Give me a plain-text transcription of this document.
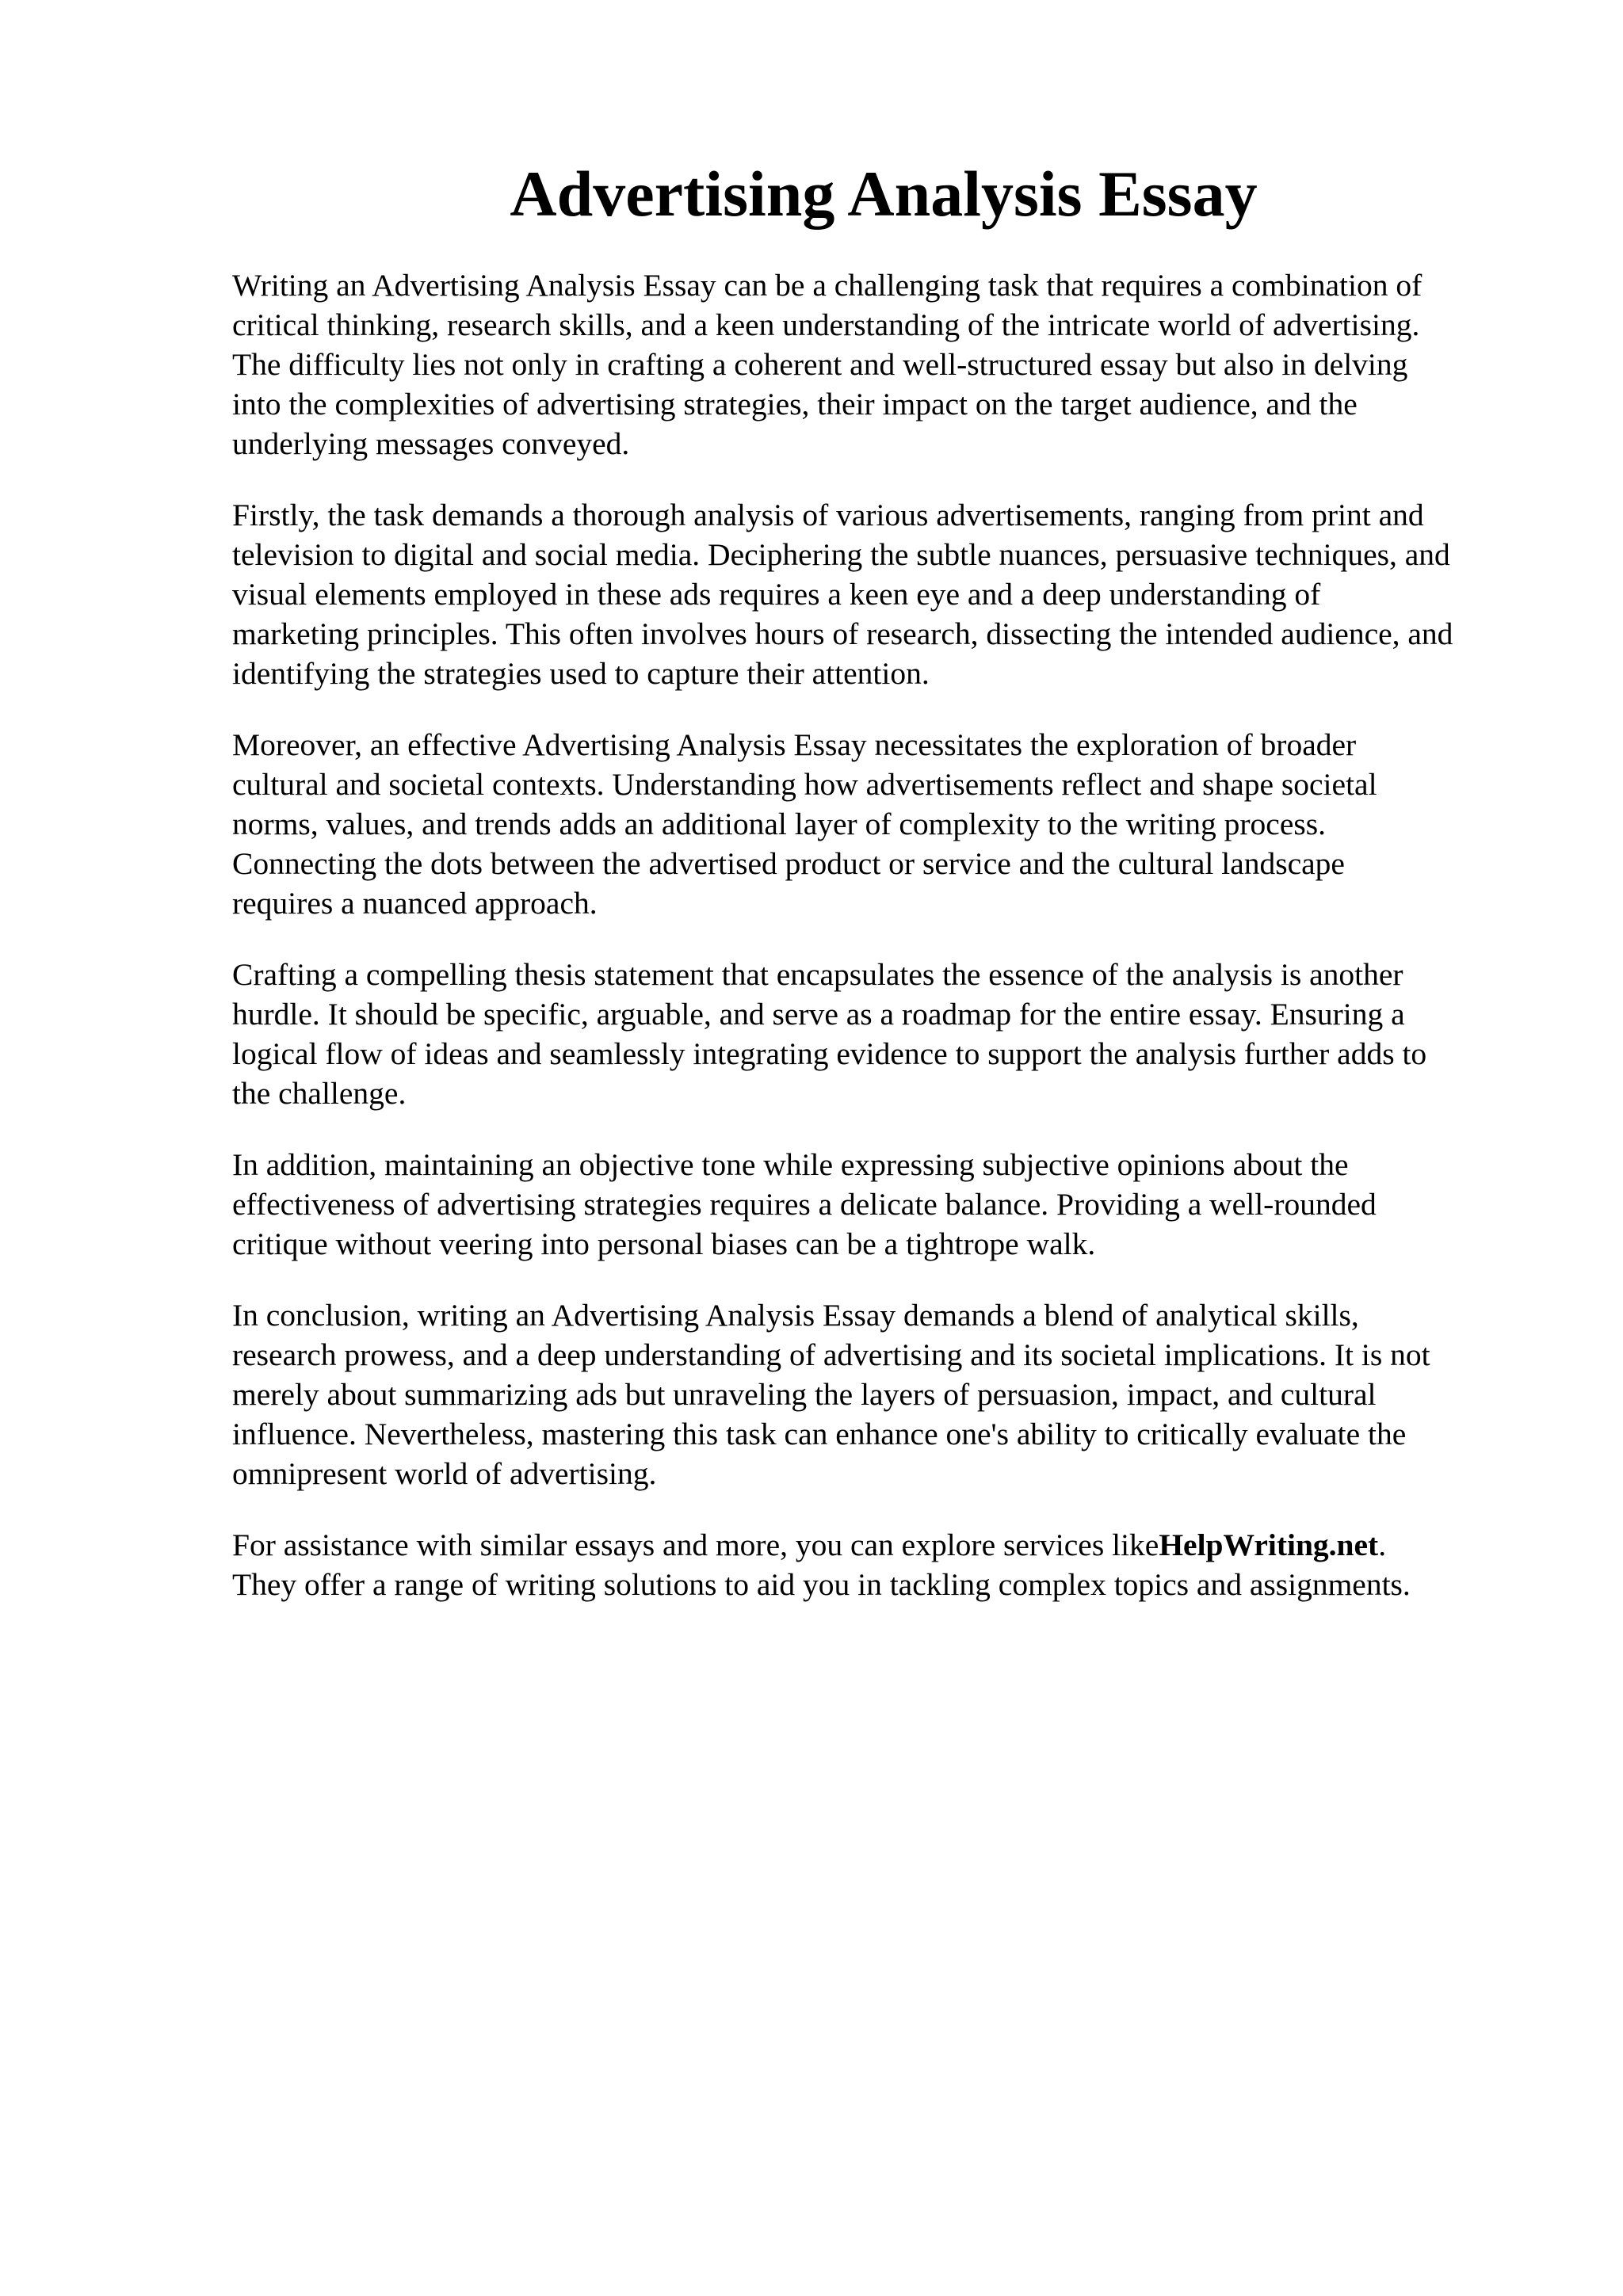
Advertising Analysis Essay

Writing an Advertising Analysis Essay can be a challenging task that requires a combination of
critical thinking, research skills, and a keen understanding of the intricate world of advertising.
The difficulty lies not only in crafting a coherent and well-structured essay but also in delving
into the complexities of advertising strategies, their impact on the target audience, and the
underlying messages conveyed.

Firstly, the task demands a thorough analysis of various advertisements, ranging from print and
television to digital and social media. Deciphering the subtle nuances, persuasive techniques, and
visual elements employed in these ads requires a keen eye and a deep understanding of
marketing principles. This often involves hours of research, dissecting the intended audience, and
identifying the strategies used to capture their attention.

Moreover, an effective Advertising Analysis Essay necessitates the exploration of broader
cultural and societal contexts. Understanding how advertisements reflect and shape societal
norms, values, and trends adds an additional layer of complexity to the writing process.
Connecting the dots between the advertised product or service and the cultural landscape
requires a nuanced approach.

Crafting a compelling thesis statement that encapsulates the essence of the analysis is another
hurdle. It should be specific, arguable, and serve as a roadmap for the entire essay. Ensuring a
logical flow of ideas and seamlessly integrating evidence to support the analysis further adds to
the challenge.

In addition, maintaining an objective tone while expressing subjective opinions about the
effectiveness of advertising strategies requires a delicate balance. Providing a well-rounded
critique without veering into personal biases can be a tightrope walk.

In conclusion, writing an Advertising Analysis Essay demands a blend of analytical skills,
research prowess, and a deep understanding of advertising and its societal implications. It is not
merely about summarizing ads but unraveling the layers of persuasion, impact, and cultural
influence. Nevertheless, mastering this task can enhance one's ability to critically evaluate the
omnipresent world of advertising.

For assistance with similar essays and more, you can explore services likeHelpWriting.net.
They offer a range of writing solutions to aid you in tackling complex topics and assignments.
